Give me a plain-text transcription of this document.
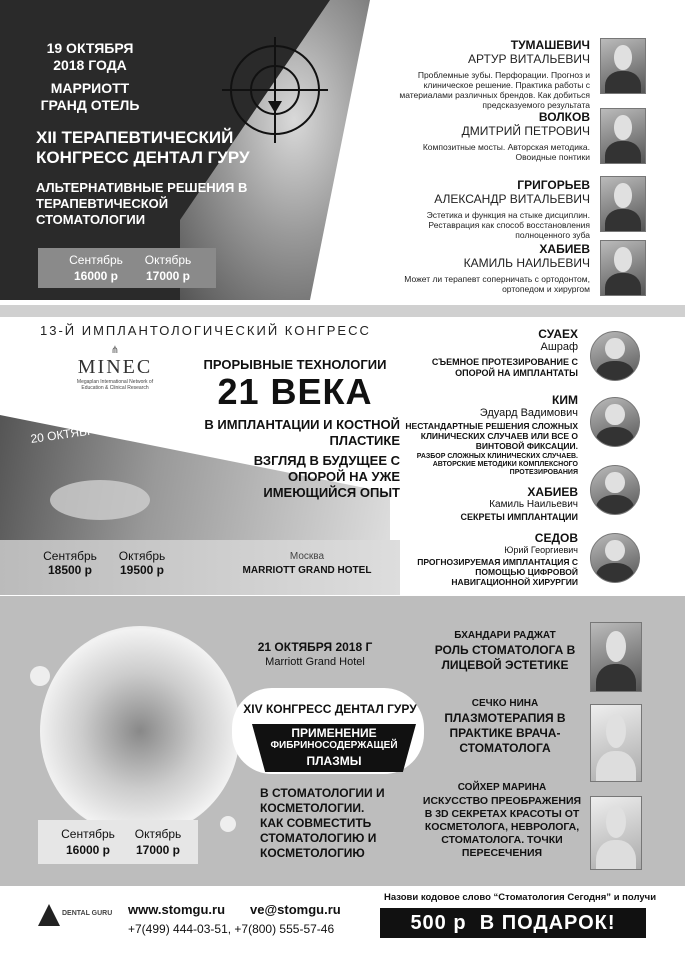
19 ОКТЯБРЯ 2018 ГОДА
МАРРИОТТ ГРАНД ОТЕЛЬ
XII ТЕРАПЕВТИЧЕСКИЙ КОНГРЕСС ДЕНТАЛ ГУРУ
АЛЬТЕРНАТИВНЫЕ РЕШЕНИЯ В ТЕРАПЕВТИЧЕСКОЙ СТОМАТОЛОГИИ
Сентябрь
16000 р
Октябрь
17000 р
ТУМАШЕВИЧ
АРТУР ВИТАЛЬЕВИЧ
Проблемные зубы. Перфорации. Прогноз и клиническое решение. Практика работы с материалами различных брендов. Как добиться предсказуемого результата
ВОЛКОВ
ДМИТРИЙ ПЕТРОВИЧ
Композитные мосты. Авторская методика. Овоидные понтики
ГРИГОРЬЕВ
АЛЕКСАНДР ВИТАЛЬЕВИЧ
Эстетика и функция на стыке дисциплин. Реставрация как способ восстановления полноценного зуба
ХАБИЕВ
КАМИЛЬ НАИЛЬЕВИЧ
Может ли терапевт соперничать с ортодонтом, ортопедом и хирургом
13-Й ИМПЛАНТОЛОГИЧЕСКИЙ КОНГРЕСС
⋔
MINEC
Megaplan International Network of Education & Clinical Research
20 ОКТЯБРЯ 2018 г.
ПРОРЫВНЫЕ ТЕХНОЛОГИИ
21 ВЕКА
В ИМПЛАНТАЦИИ И КОСТНОЙ ПЛАСТИКЕ
ВЗГЛЯД В БУДУЩЕЕ С ОПОРОЙ НА УЖЕ ИМЕЮЩИЙСЯ ОПЫТ
Сентябрь
18500 р
Октябрь
19500 р
Москва
MARRIOTT GRAND HOTEL
СУАЕХ
Ашраф
СЪЕМНОЕ ПРОТЕЗИРОВАНИЕ С ОПОРОЙ НА ИМПЛАНТАТЫ
КИМ
Эдуард Вадимович
НЕСТАНДАРТНЫЕ РЕШЕНИЯ СЛОЖНЫХ КЛИНИЧЕСКИХ СЛУЧАЕВ ИЛИ ВСЕ О ВИНТОВОЙ ФИКСАЦИИ.
РАЗБОР СЛОЖНЫХ КЛИНИЧЕСКИХ СЛУЧАЕВ. АВТОРСКИЕ МЕТОДИКИ КОМПЛЕКСНОГО ПРОТЕЗИРОВАНИЯ
ХАБИЕВ
Камиль Наильевич
СЕКРЕТЫ ИМПЛАНТАЦИИ
СЕДОВ
Юрий Георгиевич
ПРОГНОЗИРУЕМАЯ ИМПЛАНТАЦИЯ С ПОМОЩЬЮ ЦИФРОВОЙ НАВИГАЦИОННОЙ ХИРУРГИИ
21 ОКТЯБРЯ 2018 Г
Marriott Grand Hotel
XIV КОНГРЕСС ДЕНТАЛ ГУРУ
ПРИМЕНЕНИЕ
ФИБРИНОСОДЕРЖАЩЕЙ
ПЛАЗМЫ
В СТОМАТОЛОГИИ И КОСМЕТОЛОГИИ. КАК СОВМЕСТИТЬ СТОМАТОЛОГИЮ И КОСМЕТОЛОГИЮ
Сентябрь
16000 р
Октябрь
17000 р
БХАНДАРИ РАДЖАТ
РОЛЬ СТОМАТОЛОГА В ЛИЦЕВОЙ ЭСТЕТИКЕ
СЕЧКО НИНА
ПЛАЗМОТЕРАПИЯ В ПРАКТИКЕ ВРАЧА-СТОМАТОЛОГА
СОЙХЕР МАРИНА
ИСКУССТВО ПРЕОБРАЖЕНИЯ В 3D СЕКРЕТАХ КРАСОТЫ ОТ КОСМЕТОЛОГА, НЕВРОЛОГА, СТОМАТОЛОГА. ТОЧКИ ПЕРЕСЕЧЕНИЯ
DENTAL GURU www.stomgu.ru ve@stomgu.ru
+7(499) 444-03-51, +7(800) 555-57-46
Назови кодовое слово “Стоматология Сегодня” и получи
500 р  В ПОДАРОК!
